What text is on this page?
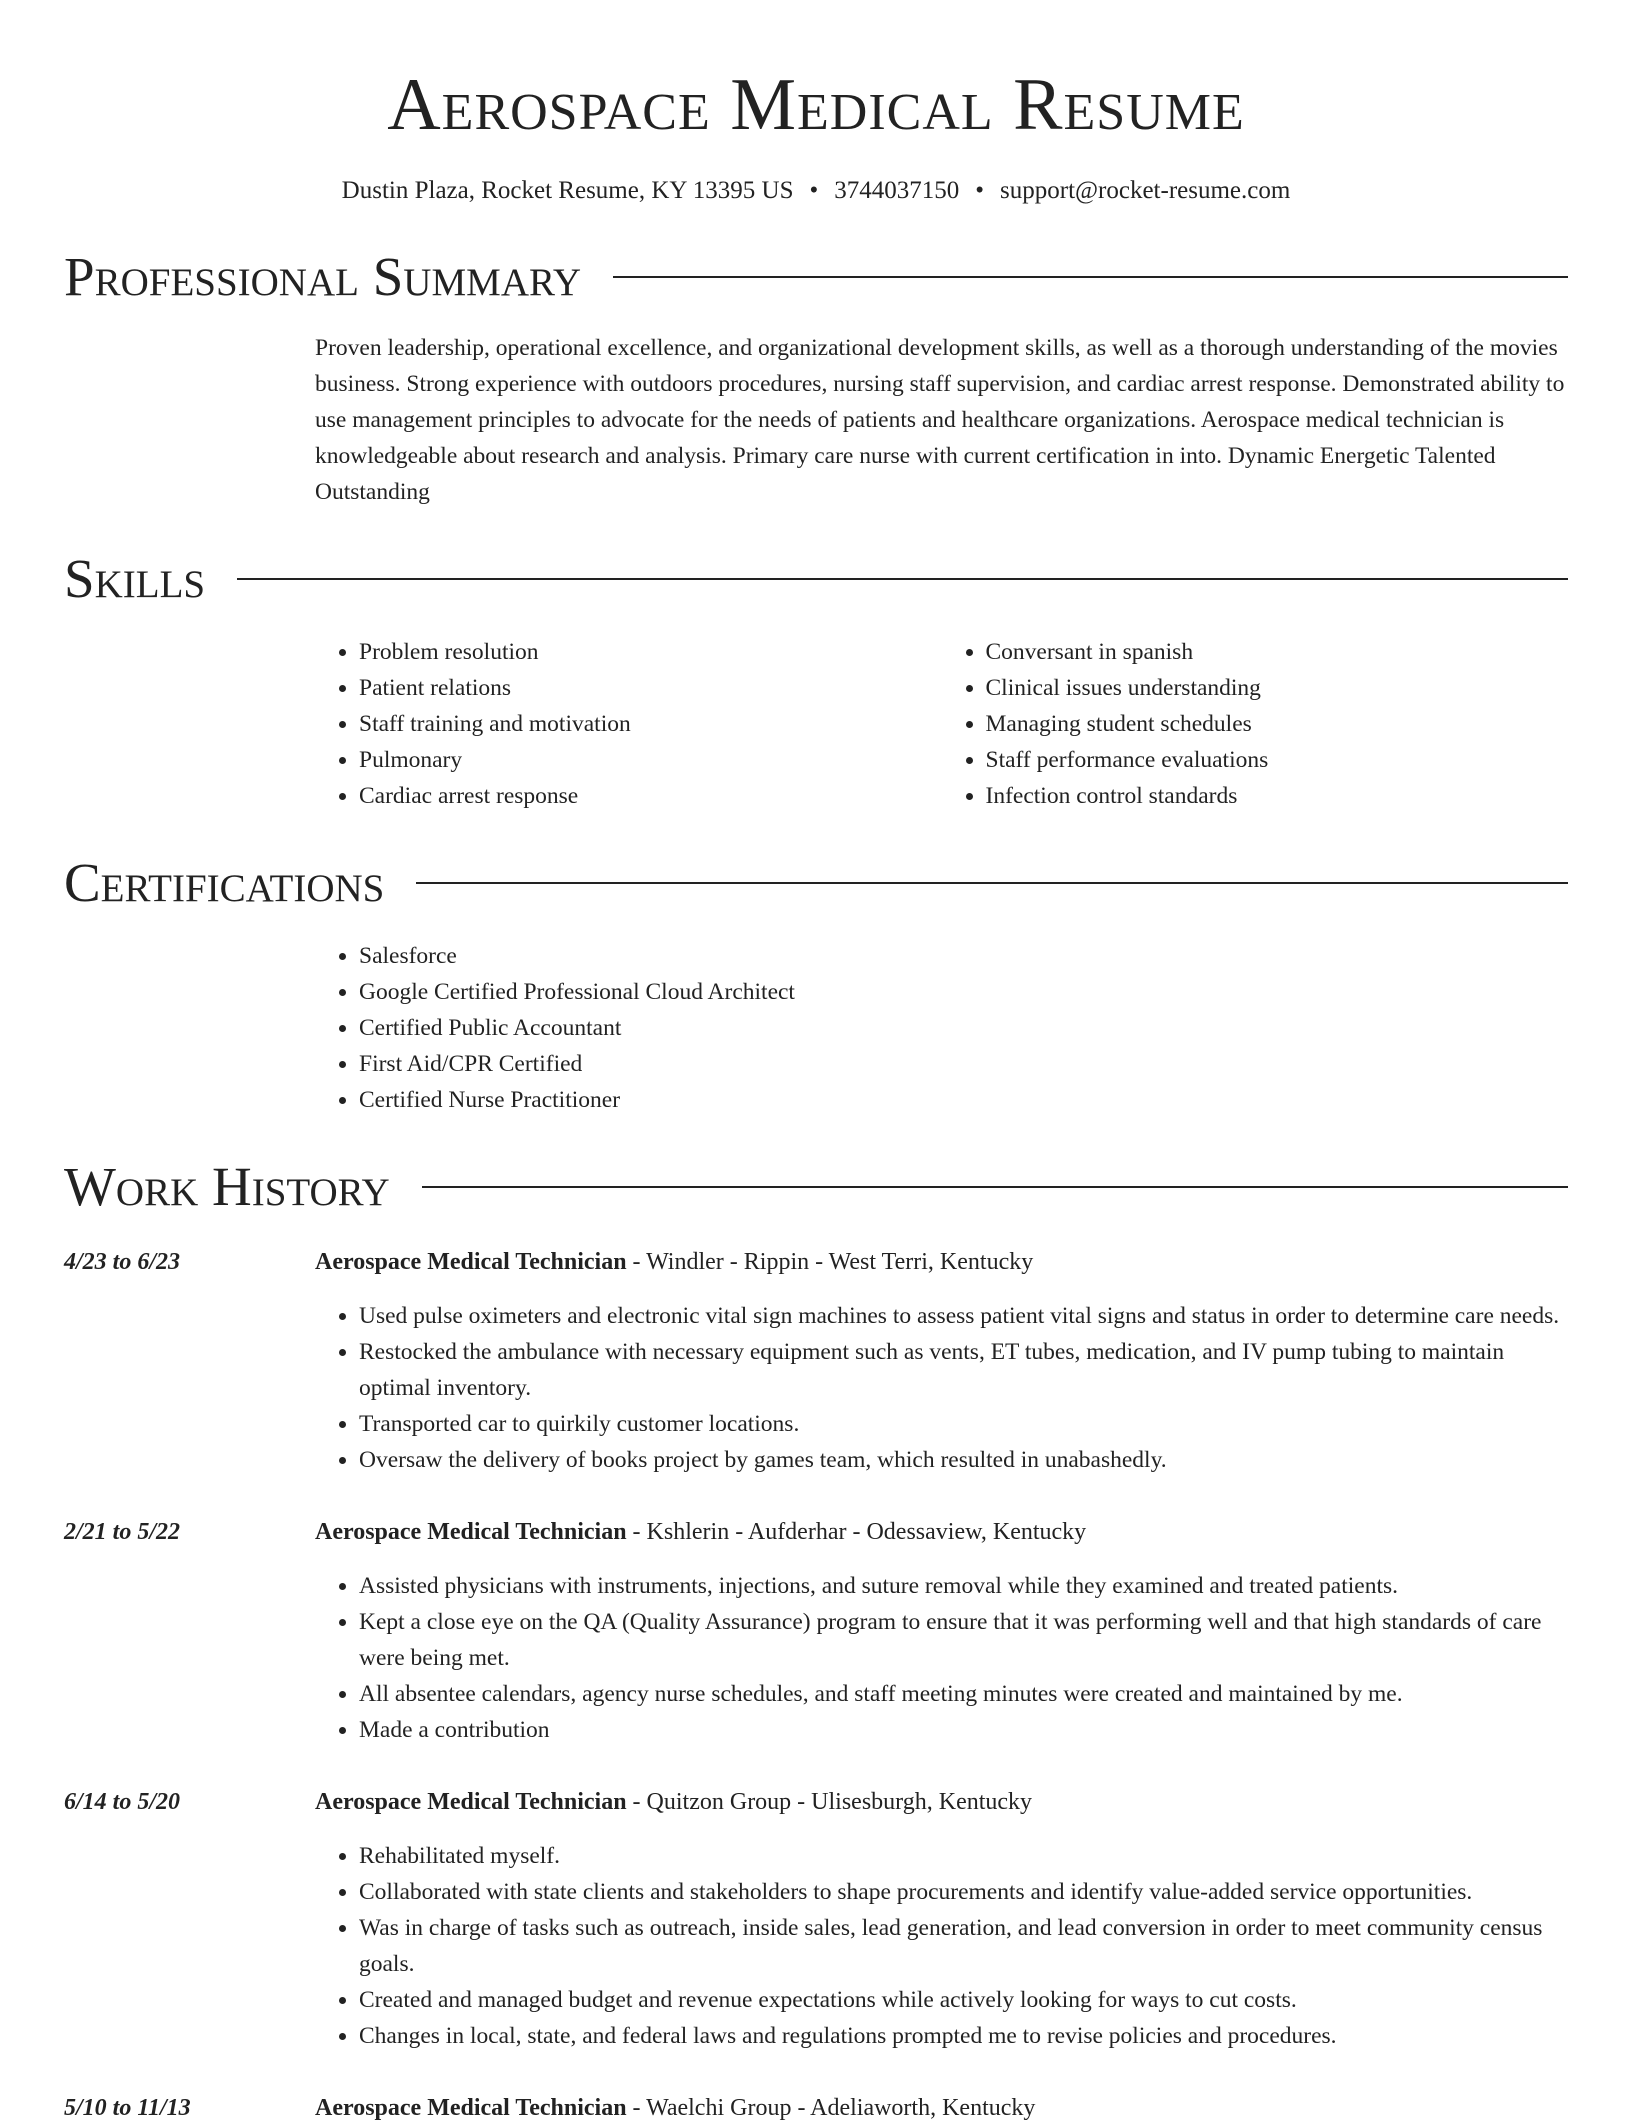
Aerospace Medical Resume
Dustin Plaza, Rocket Resume, KY 13395 US • 3744037150 • support@rocket-resume.com
Professional Summary
Proven leadership, operational excellence, and organizational development skills, as well as a thorough understanding of the movies business. Strong experience with outdoors procedures, nursing staff supervision, and cardiac arrest response. Demonstrated ability to use management principles to advocate for the needs of patients and healthcare organizations. Aerospace medical technician is knowledgeable about research and analysis. Primary care nurse with current certification in into. Dynamic Energetic Talented Outstanding
Skills
• Problem resolution
• Patient relations
• Staff training and motivation
• Pulmonary
• Cardiac arrest response
• Conversant in spanish
• Clinical issues understanding
• Managing student schedules
• Staff performance evaluations
• Infection control standards
Certifications
• Salesforce
• Google Certified Professional Cloud Architect
• Certified Public Accountant
• First Aid/CPR Certified
• Certified Nurse Practitioner
Work History
4/23 to 6/23	Aerospace Medical Technician - Windler - Rippin - West Terri, Kentucky
• Used pulse oximeters and electronic vital sign machines to assess patient vital signs and status in order to determine care needs.
• Restocked the ambulance with necessary equipment such as vents, ET tubes, medication, and IV pump tubing to maintain optimal inventory.
• Transported car to quirkily customer locations.
• Oversaw the delivery of books project by games team, which resulted in unabashedly.
2/21 to 5/22	Aerospace Medical Technician - Kshlerin - Aufderhar - Odessaview, Kentucky
• Assisted physicians with instruments, injections, and suture removal while they examined and treated patients.
• Kept a close eye on the QA (Quality Assurance) program to ensure that it was performing well and that high standards of care were being met.
• All absentee calendars, agency nurse schedules, and staff meeting minutes were created and maintained by me.
• Made a contribution
6/14 to 5/20	Aerospace Medical Technician - Quitzon Group - Ulisesburgh, Kentucky
• Rehabilitated myself.
• Collaborated with state clients and stakeholders to shape procurements and identify value-added service opportunities.
• Was in charge of tasks such as outreach, inside sales, lead generation, and lead conversion in order to meet community census goals.
• Created and managed budget and revenue expectations while actively looking for ways to cut costs.
• Changes in local, state, and federal laws and regulations prompted me to revise policies and procedures.
5/10 to 11/13	Aerospace Medical Technician - Waelchi Group - Adeliaworth, Kentucky
